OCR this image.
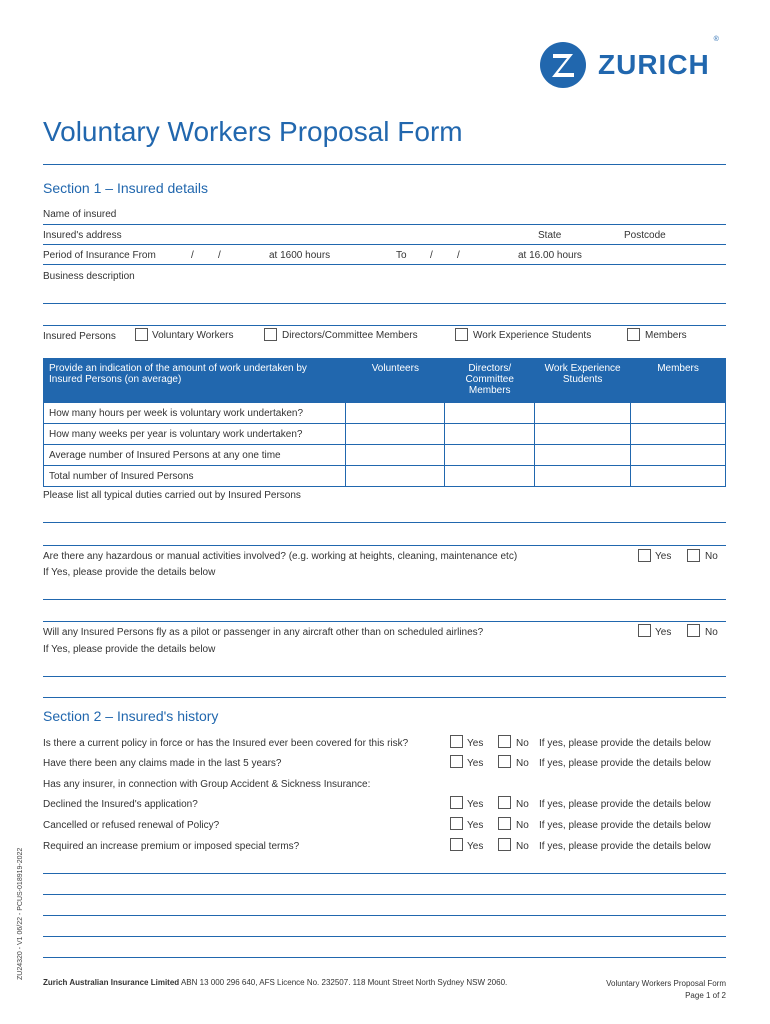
ZURICH
®
Voluntary Workers Proposal Form
Section 1 – Insured details
Name of insured
Insured's address	State	Postcode
Period of Insurance From	/ /	at 1600 hours	To / /	at 16.00 hours
Business description
Insured Persons	Voluntary Workers	Directors/Committee Members	Work Experience Students	Members
Provide an indication of the amount of work undertaken by Insured Persons (on average)	Volunteers	Directors/ Committee Members	Work Experience Students	Members
How many hours per week is voluntary work undertaken?				
How many weeks per year is voluntary work undertaken?				
Average number of Insured Persons at any one time				
Total number of Insured Persons				
Please list all typical duties carried out by Insured Persons
Are there any hazardous or manual activities involved? (e.g. working at heights, cleaning, maintenance etc)	Yes	No
If Yes, please provide the details below
Will any Insured Persons fly as a pilot or passenger in any aircraft other than on scheduled airlines?	Yes	No
If Yes, please provide the details below
Section 2 – Insured's history
Is there a current policy in force or has the Insured ever been covered for this risk?	Yes	No If yes, please provide the details below
Have there been any claims made in the last 5 years?	Yes	No If yes, please provide the details below
Has any insurer, in connection with Group Accident & Sickness Insurance:
Declined the Insured's application?	Yes	No If yes, please provide the details below
Cancelled or refused renewal of Policy?	Yes	No If yes, please provide the details below
Required an increase premium or imposed special terms?	Yes	No If yes, please provide the details below
ZU24320 - V1 06/22 - PCUS-018919-2022
Zurich Australian Insurance Limited ABN 13 000 296 640, AFS Licence No. 232507. 118 Mount Street North Sydney NSW 2060.	Voluntary Workers Proposal Form
Page 1 of 2
